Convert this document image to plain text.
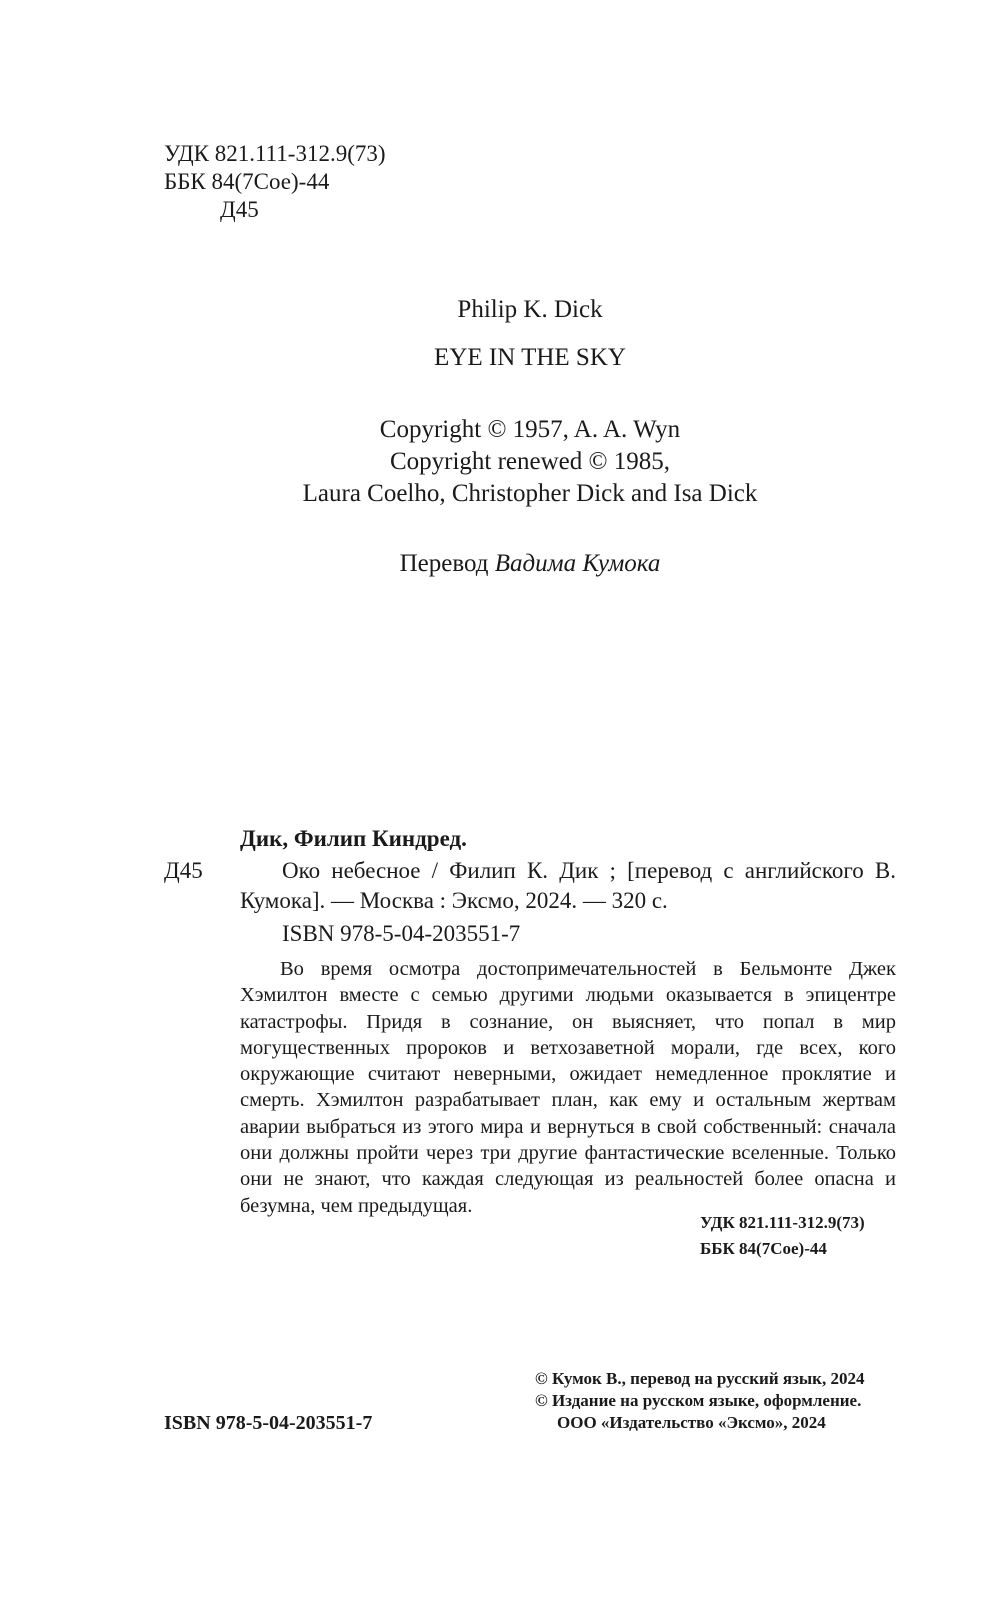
УДК 821.111-312.9(73)
ББК 84(7Сое)-44
Д45
Philip K. Dick
EYE IN THE SKY
Copyright © 1957, A. A. Wyn
Copyright renewed © 1985,
Laura Coelho, Christopher Dick and Isa Dick
Перевод Вадима Кумока
Дик, Филип Киндред.
Д45	Око небесное / Филип К. Дик ; [перевод с английского В. Кумока]. — Москва : Эксмо, 2024. — 320 с.
ISBN 978-5-04-203551-7
Во время осмотра достопримечательностей в Бельмонте Джек Хэмилтон вместе с семью другими людьми оказывается в эпицентре катастрофы. Придя в сознание, он выясняет, что попал в мир могущественных пророков и ветхозаветной морали, где всех, кого окружающие считают неверными, ожидает немедленное проклятие и смерть. Хэмилтон разрабатывает план, как ему и остальным жертвам аварии выбраться из этого мира и вернуться в свой собственный: сначала они должны пройти через три другие фантастические вселенные. Только они не знают, что каждая следующая из реальностей более опасна и безумна, чем предыдущая.
УДК 821.111-312.9(73)
ББК 84(7Сое)-44
ISBN 978-5-04-203551-7
© Кумок В., перевод на русский язык, 2024
© Издание на русском языке, оформление.
ООО «Издательство «Эксмо», 2024
